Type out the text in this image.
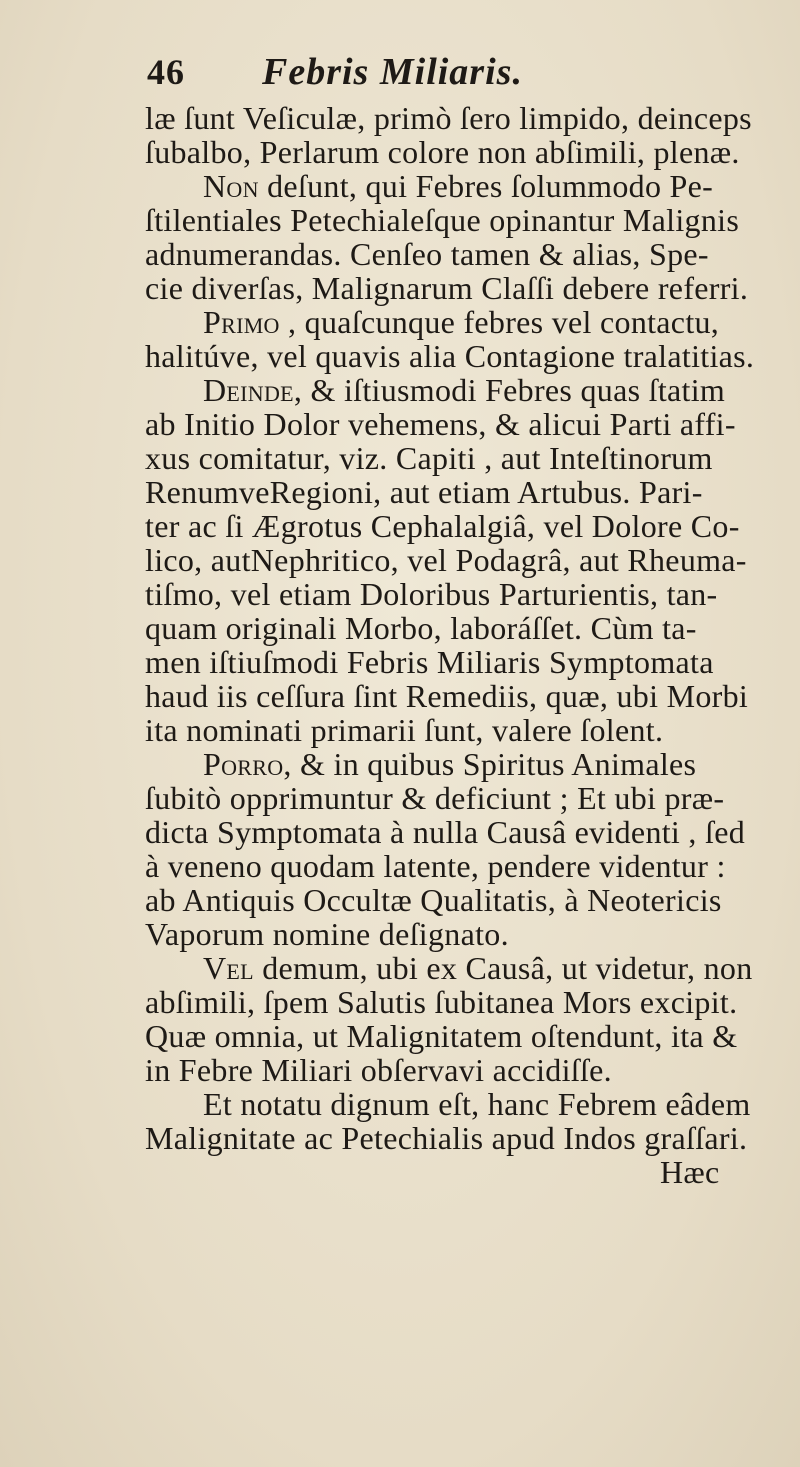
46 Febris Miliaris.
læ ſunt Veſiculæ, primò ſero limpido, deinceps
ſubalbo, Perlarum colore non abſimili, plenæ.
Non deſunt, qui Febres ſolummodo Pe-
ſtilentiales Petechialeſque opinantur Malignis
adnumerandas. Cenſeo tamen & alias, Spe-
cie diverſas, Malignarum Claſſi debere referri.
Primo , quaſcunque febres vel contactu,
halitúve, vel quavis alia Contagione tralatitias.
Deinde, & iſtiusmodi Febres quas ſtatim
ab Initio Dolor vehemens, & alicui Parti affi-
xus comitatur, viz. Capiti , aut Inteſtinorum
RenumveRegioni, aut etiam Artubus. Pari-
ter ac ſi Ægrotus Cephalalgiâ, vel Dolore Co-
lico, autNephritico, vel Podagrâ, aut Rheuma-
tiſmo, vel etiam Doloribus Parturientis, tan-
quam originali Morbo, laboráſſet. Cùm ta-
men iſtiuſmodi Febris Miliaris Symptomata
haud iis ceſſura ſint Remediis, quæ, ubi Morbi
ita nominati primarii ſunt, valere ſolent.
Porro, & in quibus Spiritus Animales
ſubitò opprimuntur & deficiunt ; Et ubi præ-
dicta Symptomata à nulla Causâ evidenti , ſed
à veneno quodam latente, pendere videntur :
ab Antiquis Occultæ Qualitatis, à Neotericis
Vaporum nomine deſignato.
Vel demum, ubi ex Causâ, ut videtur, non
abſimili, ſpem Salutis ſubitanea Mors excipit.
Quæ omnia, ut Malignitatem oſtendunt, ita &
in Febre Miliari obſervavi accidiſſe.
Et notatu dignum eſt, hanc Febrem eâdem
Malignitate ac Petechialis apud Indos graſſari.
Hæc
